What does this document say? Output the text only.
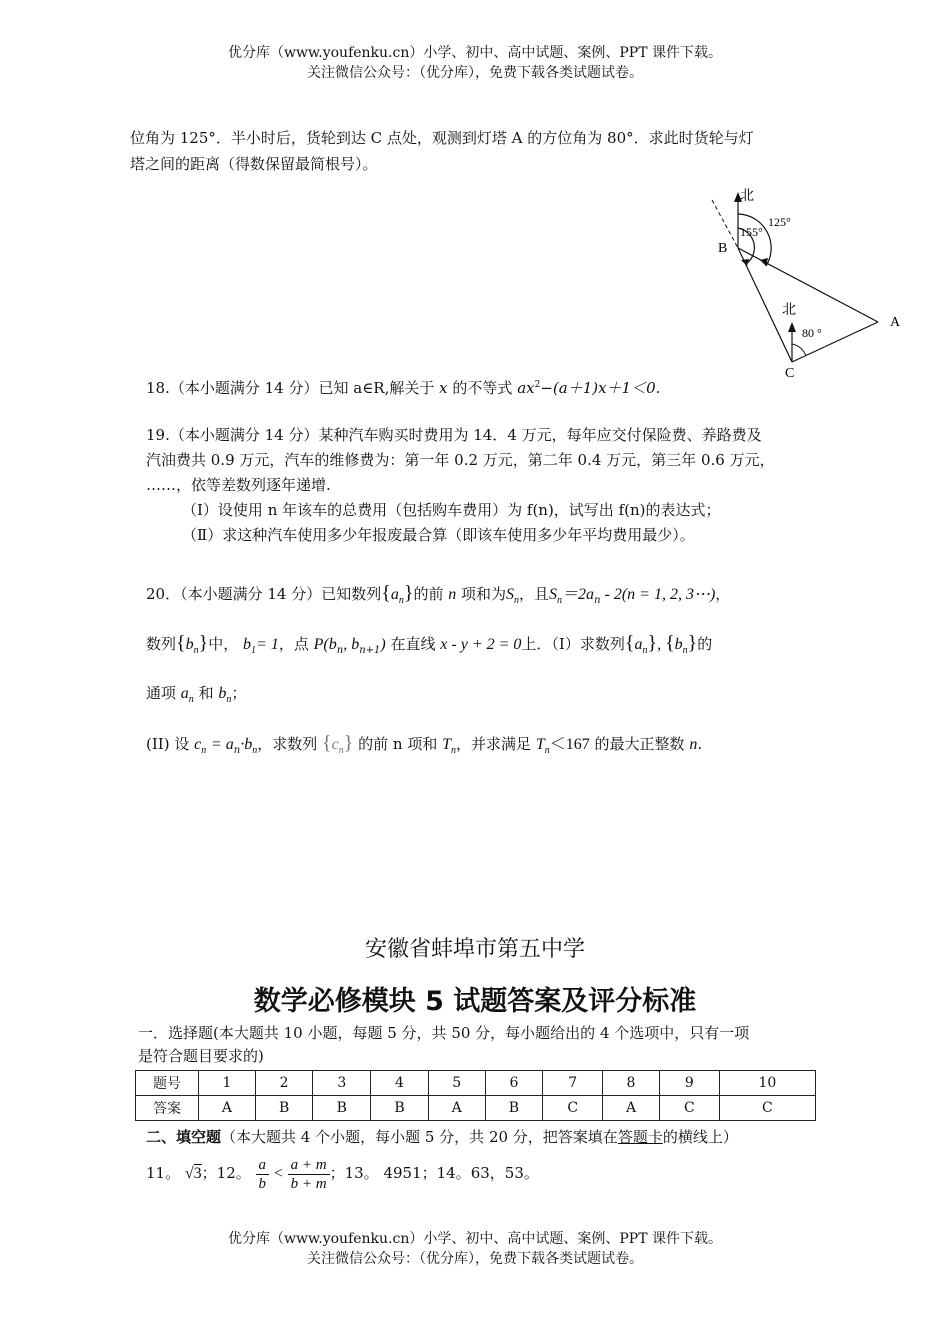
优分库（www.youfenku.cn）小学、初中、高中试题、案例、PPT 课件下载。
关注微信公众号：（优分库），免费下载各类试题试卷。
位角为 125°．半小时后，货轮到达 C 点处，观测到灯塔 A 的方位角为 80°．求此时货轮与灯
塔之间的距离（得数保留最简根号）。
北
125°
155°
B
北
80 °
A
C
18.（本小题满分 14 分）已知 a∈R,解关于 x 的不等式 $ax^2-(a+1)x+1<0$.
19.（本小题满分 14 分）某种汽车购买时费用为 14．4 万元，每年应交付保险费、养路费及
汽油费共 0.9 万元，汽车的维修费为：第一年 0.2 万元，第二年 0.4 万元，第三年 0.6 万元，
……，依等差数列逐年递增.
（Ⅰ）设使用 n 年该车的总费用（包括购车费用）为 f(n)，试写出 f(n)的表达式；
（Ⅱ）求这种汽车使用多少年报废最合算（即该车使用多少年平均费用最少）。
20．（本小题满分 14 分）已知数列$\{a_n\}$的前 n 项和为$S_n$，且$S_n=2a_n - 2(n = 1$, 2, 3⋯)，
数列$\{b_n\}$中， $b_1= 1$，点 $P(b_n$, $b_{n+1}$) 在直线 x - y + 2 = 0上．（I）求数列$\{a_n\}$, $\{b_n\}$的
通项 $a_n$ 和 $b_n$；
(II) 设 $c_n = a_n\cdot b_n$，求数列 $\{c_n\}$ 的前 n 项和 $T_n$，并求满足 $T_n<167$ 的最大正整数 n.
安徽省蚌埠市第五中学
数学必修模块 5 试题答案及评分标准
一．选择题(本大题共 10 小题，每题 5 分，共 50 分，每小题给出的 4 个选项中，只有一项
是符合题目要求的)
题号	1	2	3	4	5	6	7	8	9	10
答案	A	B	B	B	A	B	C	A	C	C
二、填空题（本大题共 4 个小题，每小题 5 分，共 20 分，把答案填在答题卡的横线上）
11。 √3；12。 $\frac{a}{b} < \frac{a + m}{b + m}$ ；13。 4951；14。63，53。
优分库（www.youfenku.cn）小学、初中、高中试题、案例、PPT 课件下载。
关注微信公众号：（优分库），免费下载各类试题试卷。
